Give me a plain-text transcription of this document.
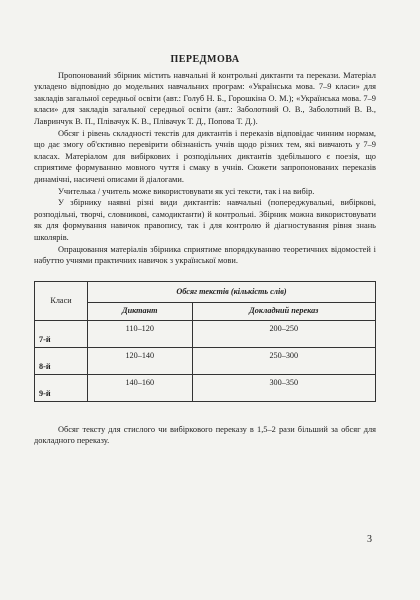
ПЕРЕДМОВА

Пропонований збірник містить навчальні й контрольні диктанти та перекази. Матеріал укладено відповідно до модельних навчальних програм: «Українська мова. 7–9 класи» для закладів загальної середньої освіти (авт.: Голуб Н. Б., Горошкіна О. М.); «Українська мова. 7–9 класи» для закладів загальної середньої освіти (авт.: Заболотний О. В., Заболотний В. В., Лавринчук В. П., Плівачук К. В., Плівачук Т. Д., Попова Т. Д.).

Обсяг і рівень складності текстів для диктантів і переказів відповідає чинним нормам, що дає змогу об'єктивно перевірити обізнаність учнів щодо різних тем, які вивчають у 7–9 класах. Матеріалом для вибіркових і розподільних диктантів здебільшого є поезія, що сприятиме формуванню мовного чуття і смаку в учнів. Сюжети запропонованих переказів динамічні, насичені описами й діалогами.

Учителька / учитель може використовувати як усі тексти, так і на вибір.

У збірнику наявні різні види диктантів: навчальні (попереджувальні, вибіркові, розподільні, творчі, словникові, самодиктанти) й контрольні. Збірник можна використовувати як для формування навичок правопису, так і для контролю й діагностування рівня знань школярів.

Опрацювання матеріалів збірника сприятиме впорядкуванню теоретичних відомостей і набуттю учнями практичних навичок з української мови.

Класи	Обсяг текстів (кількість слів)	
	Диктант	Докладний переказ
7-й	110–120	200–250
8-й	120–140	250–300
9-й	140–160	300–350

Обсяг тексту для стислого чи вибіркового переказу в 1,5–2 рази більший за обсяг для докладного переказу.

3
